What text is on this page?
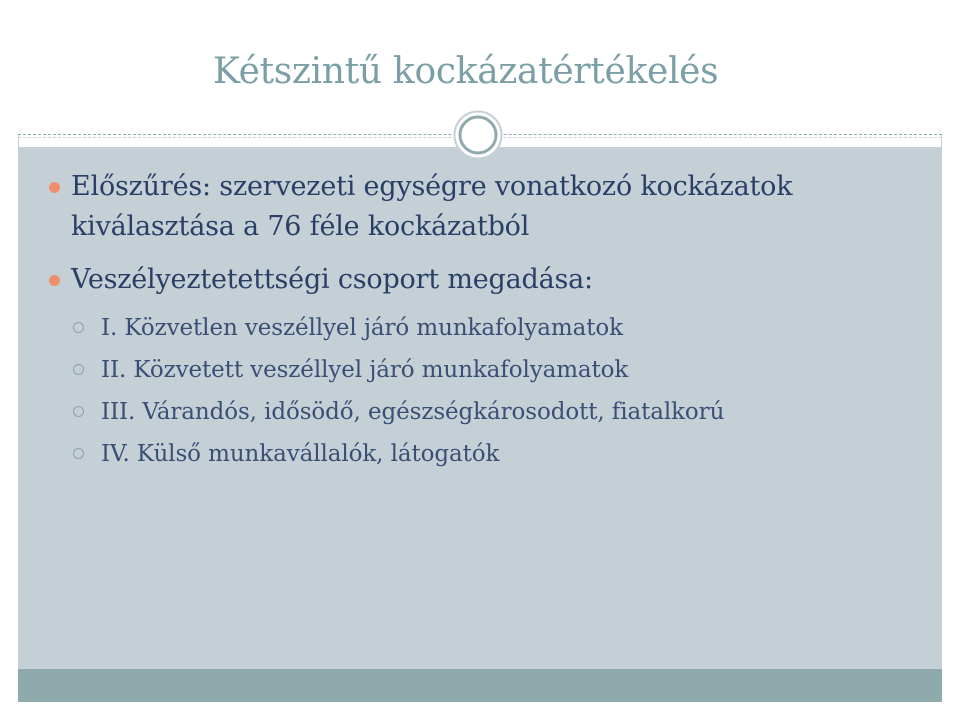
Kétszintű kockázatértékelés
Előszűrés: szervezeti egységre vonatkozó kockázatok kiválasztása a 76 féle kockázatból
Veszélyeztetettségi csoport megadása:
I. Közvetlen veszéllyel járó munkafolyamatok
II. Közvetett veszéllyel járó munkafolyamatok
III. Várandós, idősödő, egészségkárosodott, fiatalkorú
IV. Külső munkavállalók, látogatók
